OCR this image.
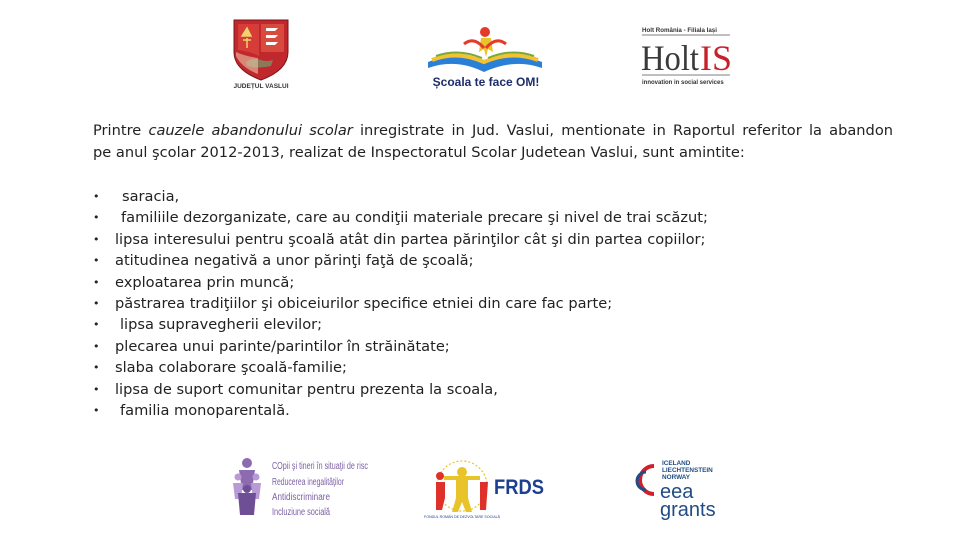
JUDEȚUL VASLUI	Școala te face OM!
Holt România - Filiala Iași
Holt IS
innovation in social services
Printre cauzele abandonului scolar inregistrate in Jud. Vaslui, mentionate in Raportul referitor la abandon
pe anul şcolar 2012-2013, realizat de Inspectoratul Scolar Judetean Vaslui, sunt amintite:
• saracia,
• familiile dezorganizate, care au condiţii materiale precare şi nivel de trai scăzut;
• lipsa interesului pentru şcoală atât din partea părinţilor cât şi din partea copiilor;
• atitudinea negativă a unor părinţi faţă de şcoală;
• exploatarea prin muncă;
• păstrarea tradiţiilor şi obiceiurilor specifice etniei din care fac parte;
• lipsa supravegherii elevilor;
• plecarea unui parinte/parintilor în străinătate;
• slaba colaborare şcoală-familie;
• lipsa de suport comunitar pentru prezenta la scoala,
• familia monoparentală.
COpii şi tineri în situaţii de risc
Reducerea inegalităţilor
Antidiscriminare
Incluziune socială	FONDUL ROMÂN DE DEZVOLTARE SOCIALĂ
FRDS
ICELAND
LIECHTENSTEIN
NORWAY
eea
grants
